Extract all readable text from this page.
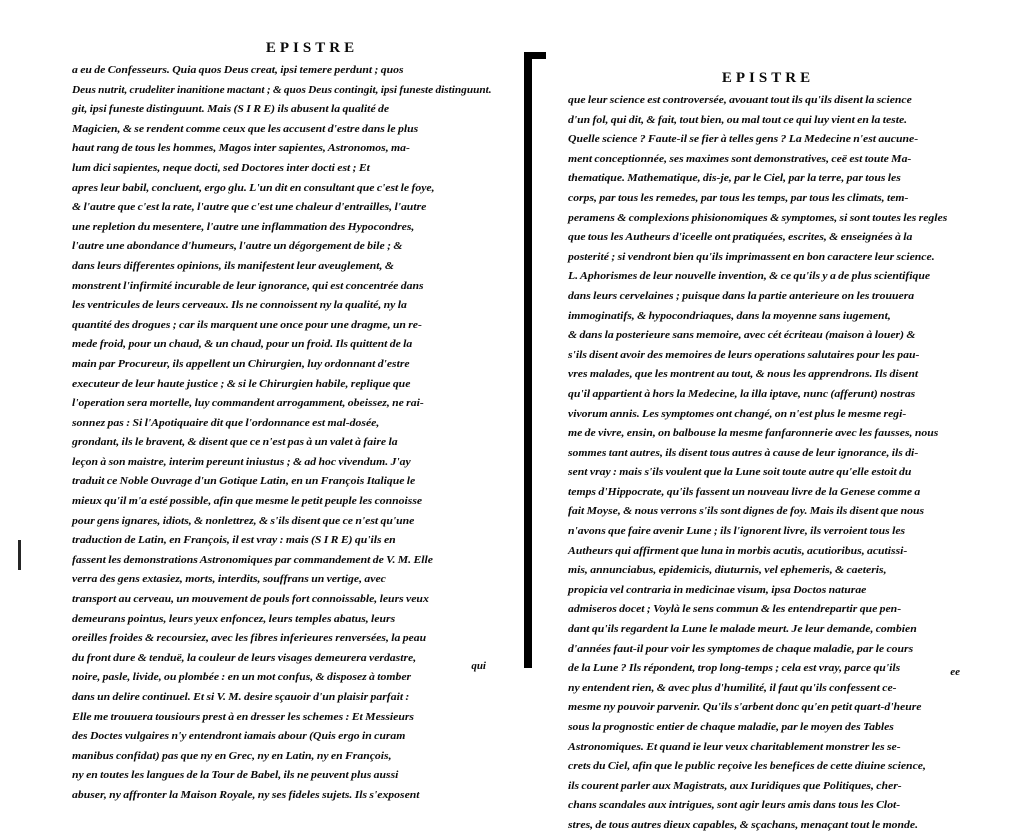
EPISTRE
a eu de Confesseurs. Quia quos Deus creat, ipsi temere perdunt ; quos
Deus nutrit, crudeliter inanitione mactant ; & quos Deus contingit, ipsi funeste distinguunt.
git, ipsi funeste distinguunt. Mais (S I R E) ils abusent la qualité de
Magicien, & se rendent comme ceux que les accusent d'estre dans le plus
haut rang de tous les hommes, Magos inter sapientes, Astronomos, ma-
lum dici sapientes, neque docti, sed Doctores inter docti est ; Et
apres leur babil, concluent, ergo glu. L'un dit en consultant que c'est le foye,
& l'autre que c'est la rate, l'autre que c'est une chaleur d'entrailles, l'autre
une repletion du mesentere, l'autre une inflammation des Hypocondres,
l'autre une abondance d'humeurs, l'autre un dégorgement de bile ; &
dans leurs differentes opinions, ils manifestent leur aveuglement, &
monstrent l'infirmité incurable de leur ignorance, qui est concentrée dans
les ventricules de leurs cerveaux. Ils ne connoissent ny la qualité, ny la
quantité des drogues ; car ils marquent une once pour une dragme, un re-
mede froid, pour un chaud, & un chaud, pour un froid. Ils quittent de la
main par Procureur, ils appellent un Chirurgien, luy ordonnant d'estre
executeur de leur haute justice ; & si le Chirurgien habile, replique que
l'operation sera mortelle, luy commandent arrogamment, obeissez, ne rai-
sonnez pas : Si l'Apotiquaire dit que l'ordonnance est mal-dosée,
grondant, ils le bravent, & disent que ce n'est pas à un valet à faire la
leçon à son maistre, interim pereunt iniustus ; & ad hoc vivendum. J'ay
traduit ce Noble Ouvrage d'un Gotique Latin, en un François Italique le
mieux qu'il m'a esté possible, afin que mesme le petit peuple les connoisse
pour gens ignares, idiots, & nonlettrez, & s'ils disent que ce n'est qu'une
traduction de Latin, en François, il est vray : mais (S I R E) qu'ils en
fassent les demonstrations Astronomiques par commandement de V. M. Elle
verra des gens extasiez, morts, interdits, souffrans un vertige, avec
transport au cerveau, un mouvement de pouls fort connoissable, leurs veux
demeurans pointus, leurs yeux enfoncez, leurs temples abatus, leurs
oreilles froides & recoursiez, avec les fibres inferieures renversées, la peau
du front dure & tenduë, la couleur de leurs visages demeurera verdastre,
noire, pasle, livide, ou plombée : en un mot confus, & disposez à tomber
dans un delire continuel. Et si V. M. desire sçauoir d'un plaisir parfait :
Elle me trouuera tousiours prest à en dresser les schemes : Et Messieurs
des Doctes vulgaires n'y entendront iamais abour (Quis ergo in curam
manibus confidat) pas que ny en Grec, ny en Latin, ny en François,
ny en toutes les langues de la Tour de Babel, ils ne peuvent plus aussi
abuser, ny affronter la Maison Royale, ny ses fideles sujets. Ils s'exposent
qui
EPISTRE
que leur science est controversée, avouant tout ils qu'ils disent la science
d'un fol, qui dit, & fait, tout bien, ou mal tout ce qui luy vient en la teste.
Quelle science ? Faute-il se fier à telles gens ? La Medecine n'est aucune-
ment conceptionnée, ses maximes sont demonstratives, ceë est toute Ma-
thematique. Mathematique, dis-je, par le Ciel, par la terre, par tous les
corps, par tous les remedes, par tous les temps, par tous les climats, tem-
peramens & complexions phisionomiques & symptomes, si sont toutes les regles
que tous les Autheurs d'iceelle ont pratiquées, escrites, & enseignées à la
posterité ; si vendront bien qu'ils imprimassent en bon caractere leur science.
L. Aphorismes de leur nouvelle invention, & ce qu'ils y a de plus scientifique
dans leurs cervelaines ; puisque dans la partie anterieure on les trouuera
immoginatifs, & hypocondriaques, dans la moyenne sans iugement,
& dans la posterieure sans memoire, avec cét écriteau (maison à louer) &
s'ils disent avoir des memoires de leurs operations salutaires pour les pau-
vres malades, que les montrent au tout, & nous les apprendrons. Ils disent
qu'il appartient à hors la Medecine, la illa iptave, nunc (afferunt) nostras
vivorum annis. Les symptomes ont changé, on n'est plus le mesme regi-
me de vivre, ensin, on balbouse la mesme fanfaronnerie avec les fausses, nous
sommes tant autres, ils disent tous autres à cause de leur ignorance, ils di-
sent vray : mais s'ils voulent que la Lune soit toute autre qu'elle estoit du
temps d'Hippocrate, qu'ils fassent un nouveau livre de la Genese comme a
fait Moyse, & nous verrons s'ils sont dignes de foy. Mais ils disent que nous
n'avons que faire avenir Lune ; ils l'ignorent livre, ils verroient tous les
Autheurs qui affirment que luna in morbis acutis, acutioribus, acutissi-
mis, annunciabus, epidemicis, diuturnis, vel ephemeris, & caeteris,
propicia vel contraria in medicinae visum, ipsa Doctos naturae
admiseros docet ; Voylà le sens commun & les entendrepartir que pen-
dant qu'ils regardent la Lune le malade meurt. Je leur demande, combien
d'années faut-il pour voir les symptomes de chaque maladie, par le cours
de la Lune ? Ils répondent, trop long-temps ; cela est vray, parce qu'ils
ny entendent rien, & avec plus d'humilité, il faut qu'ils confessent ce-
mesme ny pouvoir parvenir. Qu'ils s'arbent donc qu'en petit quart-d'heure
sous la prognostic entier de chaque maladie, par le moyen des Tables
Astronomiques. Et quand ie leur veux charitablement monstrer les se-
crets du Ciel, afin que le public reçoive les benefices de cette diuine science,
ils courent parler aux Magistrats, aux Iuridiques que Politiques, cher-
chans scandales aux intrigues, sont agir leurs amis dans tous les Clot-
stres, de tous autres dieux capables, & sçachans, menaçant tout le monde.
ee
